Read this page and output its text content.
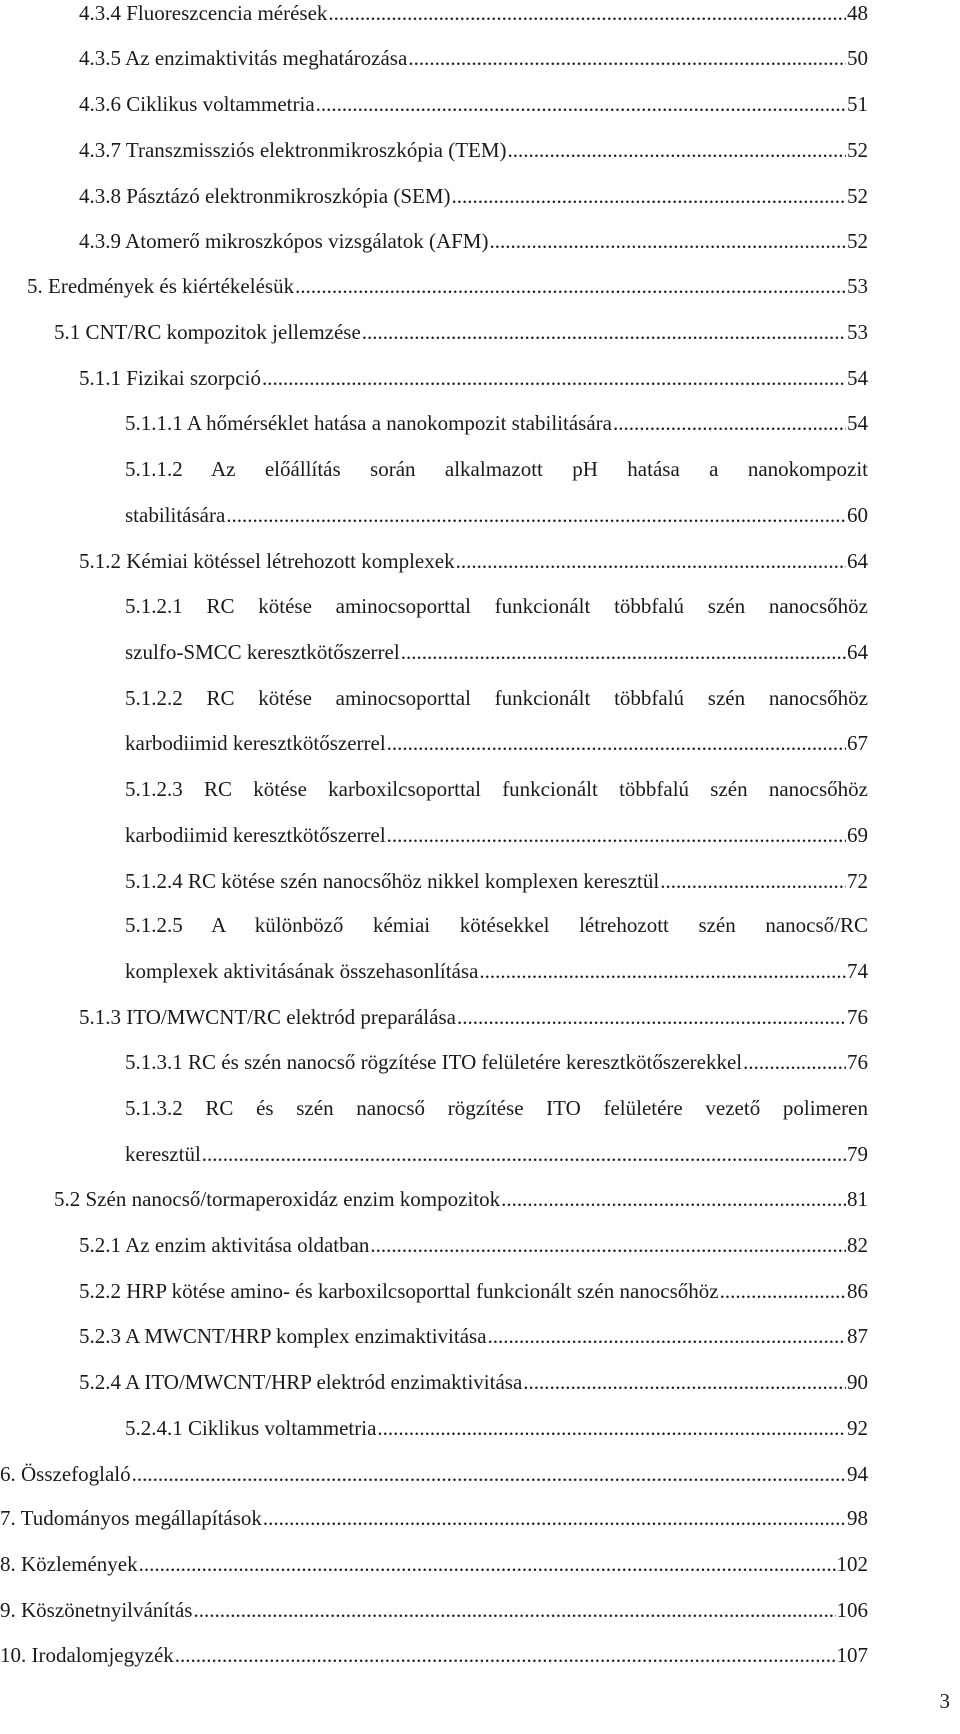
4.3.4 Fluoreszcencia mérések .....	48
4.3.5 Az enzimaktivitás meghatározása .....	50
4.3.6 Ciklikus voltammetria .....	51
4.3.7 Transzmissziós elektronmikroszkópia (TEM) .....	52
4.3.8 Pásztázó elektronmikroszkópia (SEM) .....	52
4.3.9 Atomerő mikroszkópos vizsgálatok (AFM) .....	52
5. Eredmények és kiértékelésük .....	53
5.1 CNT/RC kompozitok jellemzése .....	53
5.1.1 Fizikai szorpció .....	54
5.1.1.1 A hőmérséklet hatása a nanokompozit stabilitására .....	54
5.1.1.2 Az előállítás során alkalmazott pH hatása a nanokompozit
stabilitására .....	60
5.1.2 Kémiai kötéssel létrehozott komplexek .....	64
5.1.2.1 RC kötése aminocsoporttal funkcionált többfalú szén nanocsőhöz
szulfo-SMCC keresztkötőszerrel .....	64
5.1.2.2 RC kötése aminocsoporttal funkcionált többfalú szén nanocsőhöz
karbodiimid keresztkötőszerrel .....	67
5.1.2.3 RC kötése karboxilcsoporttal funkcionált többfalú szén nanocsőhöz
karbodiimid keresztkötőszerrel .....	69
5.1.2.4 RC kötése szén nanocsőhöz nikkel komplexen keresztül .....	72
5.1.2.5 A különböző kémiai kötésekkel létrehozott szén nanocső/RC
komplexek aktivitásának összehasonlítása .....	74
5.1.3 ITO/MWCNT/RC elektród preparálása .....	76
5.1.3.1 RC és szén nanocső rögzítése ITO felületére keresztkötőszerekkel .....	76
5.1.3.2 RC és szén nanocső rögzítése ITO felületére vezető polimeren
keresztül .....	79
5.2 Szén nanocső/tormaperoxidáz enzim kompozitok .....	81
5.2.1 Az enzim aktivitása oldatban .....	82
5.2.2 HRP kötése amino- és karboxilcsoporttal funkcionált szén nanocsőhöz .....	86
5.2.3 A MWCNT/HRP komplex enzimaktivitása .....	87
5.2.4 A ITO/MWCNT/HRP elektród enzimaktivitása .....	90
5.2.4.1 Ciklikus voltammetria .....	92
6. Összefoglaló .....	94
7. Tudományos megállapítások .....	98
8. Közlemények .....	102
9. Köszönetnyilvánítás .....	106
10. Irodalomjegyzék .....	107
3
